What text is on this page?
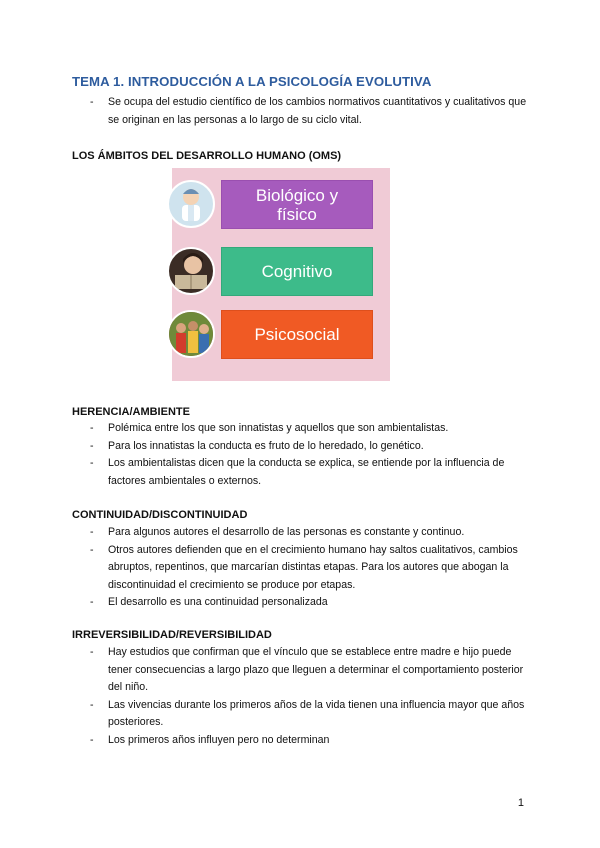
TEMA 1. INTRODUCCIÓN A LA PSICOLOGÍA EVOLUTIVA
- Se ocupa del estudio científico de los cambios normativos cuantitativos y cualitativos que se originan en las personas a lo largo de su ciclo vital.
LOS ÁMBITOS DEL DESARROLLO HUMANO (OMS)
Biológico y físico
Cognitivo
Psicosocial
HERENCIA/AMBIENTE
- Polémica entre los que son innatistas y aquellos que son ambientalistas.
- Para los innatistas la conducta es fruto de lo heredado, lo genético.
- Los ambientalistas dicen que la conducta se explica, se entiende por la influencia de factores ambientales o externos.
CONTINUIDAD/DISCONTINUIDAD
- Para algunos autores el desarrollo de las personas es constante y continuo.
- Otros autores defienden que en el crecimiento humano hay saltos cualitativos, cambios abruptos, repentinos, que marcarían distintas etapas. Para los autores que abogan la discontinuidad el crecimiento se produce por etapas.
- El desarrollo es una continuidad personalizada
IRREVERSIBILIDAD/REVERSIBILIDAD
- Hay estudios que confirman que el vínculo que se establece entre madre e hijo puede tener consecuencias a largo plazo que lleguen a determinar el comportamiento posterior del niño.
- Las vivencias durante los primeros años de la vida tienen una influencia mayor que años posteriores.
- Los primeros años influyen pero no determinan
1
